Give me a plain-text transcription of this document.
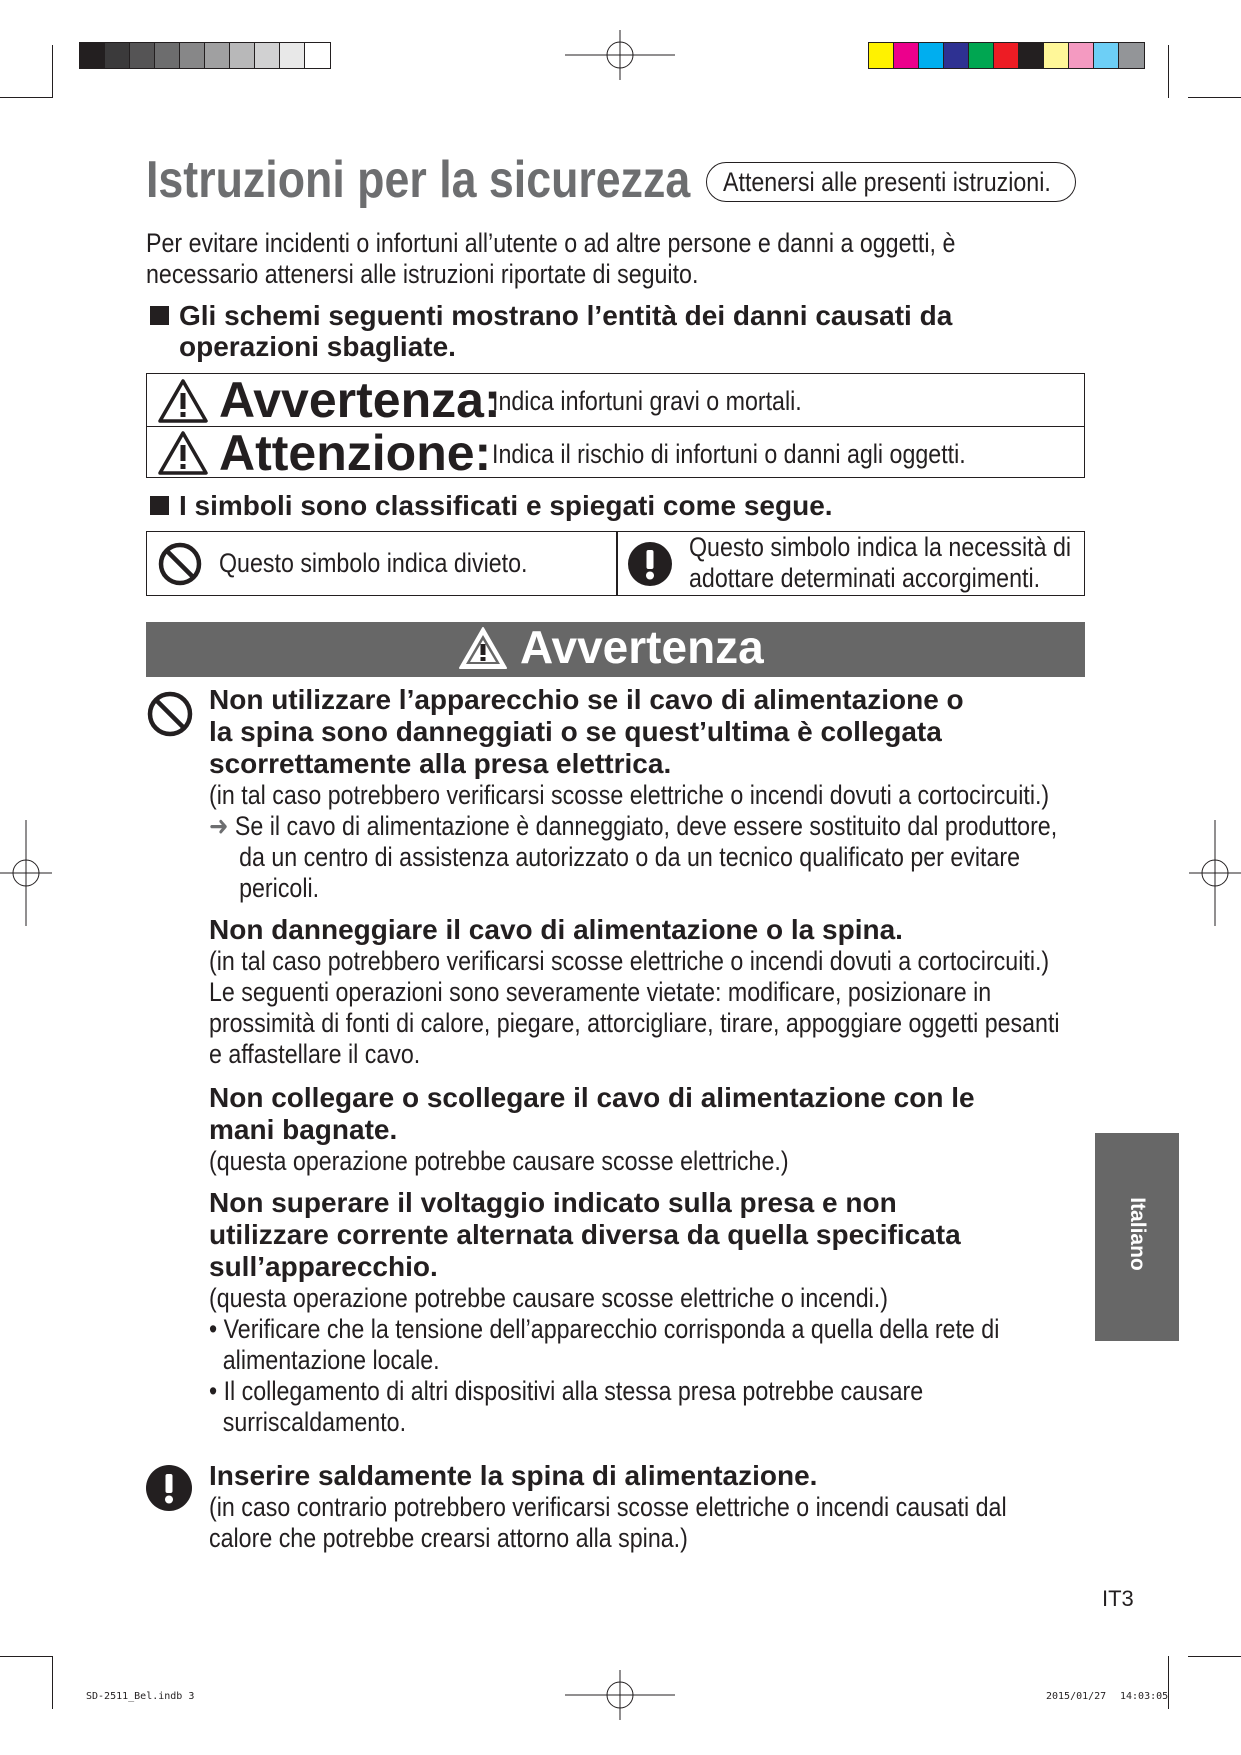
Istruzioni per la sicurezza	Attenersi alle presenti istruzioni.
Per evitare incidenti o infortuni all’utente o ad altre persone e danni a oggetti, è
necessario attenersi alle istruzioni riportate di seguito.
Gli schemi seguenti mostrano l’entità dei danni causati da
operazioni sbagliate.
Avvertenza:
Indica infortuni gravi o mortali.
Attenzione: Indica il rischio di infortuni o danni agli oggetti.
I simboli sono classificati e spiegati come segue.
Questo simbolo indica divieto.
Questo simbolo indica la necessità di
adottare determinati accorgimenti.
Avvertenza
Non utilizzare l’apparecchio se il cavo di alimentazione o
la spina sono danneggiati o se quest’ultima è collegata
scorrettamente alla presa elettrica.
(in tal caso potrebbero verificarsi scosse elettriche o incendi dovuti a cortocircuiti.)
➜ Se il cavo di alimentazione è danneggiato, deve essere sostituito dal produttore,
da un centro di assistenza autorizzato o da un tecnico qualificato per evitare
pericoli.
Non danneggiare il cavo di alimentazione o la spina.
(in tal caso potrebbero verificarsi scosse elettriche o incendi dovuti a cortocircuiti.)
Le seguenti operazioni sono severamente vietate: modificare, posizionare in
prossimità di fonti di calore, piegare, attorcigliare, tirare, appoggiare oggetti pesanti
e affastellare il cavo.
Non collegare o scollegare il cavo di alimentazione con le
mani bagnate.
(questa operazione potrebbe causare scosse elettriche.)
Non superare il voltaggio indicato sulla presa e non
utilizzare corrente alternata diversa da quella specificata
sull’apparecchio.
(questa operazione potrebbe causare scosse elettriche o incendi.)
• Verificare che la tensione dell’apparecchio corrisponda a quella della rete di
alimentazione locale.
• Il collegamento di altri dispositivi alla stessa presa potrebbe causare
surriscaldamento.
Inserire saldamente la spina di alimentazione.
(in caso contrario potrebbero verificarsi scosse elettriche o incendi causati dal
calore che potrebbe crearsi attorno alla spina.)
Italiano
IT3
SD-2511_Bel.indb 3	2015/01/27 14:03:05
